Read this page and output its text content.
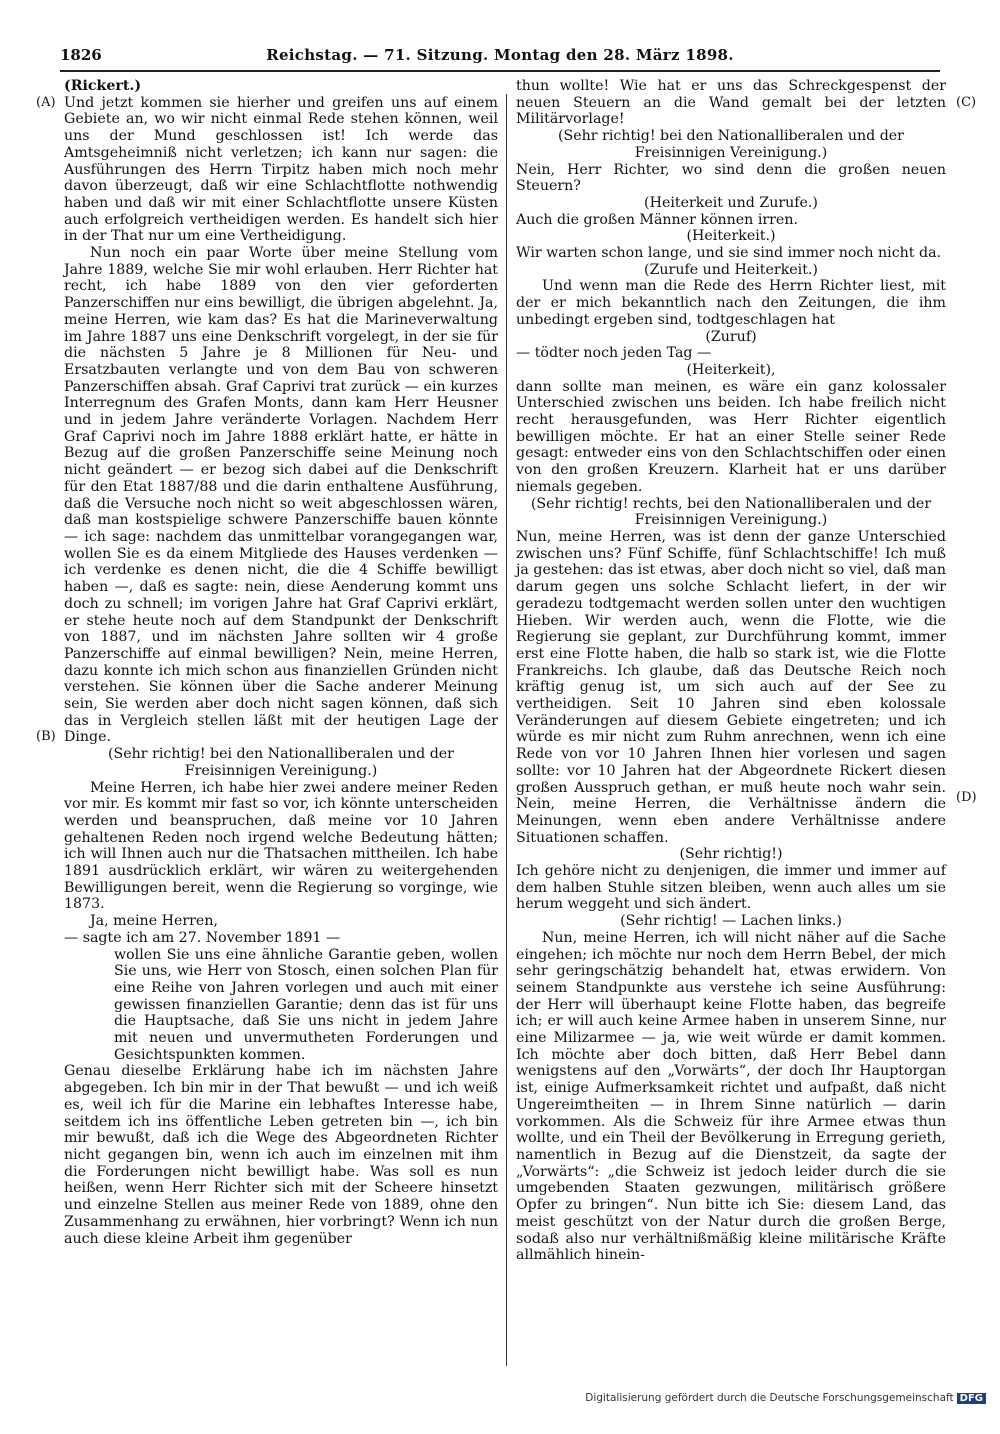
1826	Reichstag. — 71. Sitzung. Montag den 28. März 1898.
(A)
(B)
(C)
(D)

(Rickert.)

Und jetzt kommen sie hierher und greifen uns auf einem Gebiete an, wo wir nicht einmal Rede stehen können, weil uns der Mund geschlossen ist! Ich werde das Amtsgeheimniß nicht verletzen; ich kann nur sagen: die Ausführungen des Herrn Tirpitz haben mich noch mehr davon überzeugt, daß wir eine Schlachtflotte nothwendig haben und daß wir mit einer Schlachtflotte unsere Küsten auch erfolgreich vertheidigen werden. Es handelt sich hier in der That nur um eine Vertheidigung.

Nun noch ein paar Worte über meine Stellung vom Jahre 1889, welche Sie mir wohl erlauben. Herr Richter hat recht, ich habe 1889 von den vier geforderten Panzerschiffen nur eins bewilligt, die übrigen abgelehnt. Ja, meine Herren, wie kam das? Es hat die Marineverwaltung im Jahre 1887 uns eine Denkschrift vorgelegt, in der sie für die nächsten 5 Jahre je 8 Millionen für Neu- und Ersatzbauten verlangte und von dem Bau von schweren Panzerschiffen absah. Graf Caprivi trat zurück — ein kurzes Interregnum des Grafen Monts, dann kam Herr Heusner und in jedem Jahre veränderte Vorlagen. Nachdem Herr Graf Caprivi noch im Jahre 1888 erklärt hatte, er hätte in Bezug auf die großen Panzerschiffe seine Meinung noch nicht geändert — er bezog sich dabei auf die Denkschrift für den Etat 1887/88 und die darin enthaltene Ausführung, daß die Versuche noch nicht so weit abgeschlossen wären, daß man kostspielige schwere Panzerschiffe bauen könnte — ich sage: nachdem das unmittelbar vorangegangen war, wollen Sie es da einem Mitgliede des Hauses verdenken — ich verdenke es denen nicht, die die 4 Schiffe bewilligt haben —, daß es sagte: nein, diese Aenderung kommt uns doch zu schnell; im vorigen Jahre hat Graf Caprivi erklärt, er stehe heute noch auf dem Standpunkt der Denkschrift von 1887, und im nächsten Jahre sollten wir 4 große Panzerschiffe auf einmal bewilligen? Nein, meine Herren, dazu konnte ich mich schon aus finanziellen Gründen nicht verstehen. Sie können über die Sache anderer Meinung sein, Sie werden aber doch nicht sagen können, daß sich das in Vergleich stellen läßt mit der heutigen Lage der Dinge.

(Sehr richtig! bei den Nationalliberalen und der Freisinnigen Vereinigung.)

Meine Herren, ich habe hier zwei andere meiner Reden vor mir. Es kommt mir fast so vor, ich könnte unterscheiden werden und beanspruchen, daß meine vor 10 Jahren gehaltenen Reden noch irgend welche Bedeutung hätten; ich will Ihnen auch nur die Thatsachen mittheilen. Ich habe 1891 ausdrücklich erklärt, wir wären zu weitergehenden Bewilligungen bereit, wenn die Regierung so vorginge, wie 1873.

Ja, meine Herren,

— sagte ich am 27. November 1891 —

wollen Sie uns eine ähnliche Garantie geben, wollen Sie uns, wie Herr von Stosch, einen solchen Plan für eine Reihe von Jahren vorlegen und auch mit einer gewissen finanziellen Garantie; denn das ist für uns die Hauptsache, daß Sie uns nicht in jedem Jahre mit neuen und unvermutheten Forderungen und Gesichtspunkten kommen.

Genau dieselbe Erklärung habe ich im nächsten Jahre abgegeben. Ich bin mir in der That bewußt — und ich weiß es, weil ich für die Marine ein lebhaftes Interesse habe, seitdem ich ins öffentliche Leben getreten bin —, ich bin mir bewußt, daß ich die Wege des Abgeordneten Richter nicht gegangen bin, wenn ich auch im einzelnen mit ihm die Forderungen nicht bewilligt habe. Was soll es nun heißen, wenn Herr Richter sich mit der Scheere hinsetzt und einzelne Stellen aus meiner Rede von 1889, ohne den Zusammenhang zu erwähnen, hier vorbringt? Wenn ich nun auch diese kleine Arbeit ihm gegenüber

thun wollte! Wie hat er uns das Schreckgespenst der neuen Steuern an die Wand gemalt bei der letzten Militärvorlage!

(Sehr richtig! bei den Nationalliberalen und der Freisinnigen Vereinigung.)

Nein, Herr Richter, wo sind denn die großen neuen Steuern?

(Heiterkeit und Zurufe.)

Auch die großen Männer können irren.

(Heiterkeit.)

Wir warten schon lange, und sie sind immer noch nicht da.

(Zurufe und Heiterkeit.)

Und wenn man die Rede des Herrn Richter liest, mit der er mich bekanntlich nach den Zeitungen, die ihm unbedingt ergeben sind, todtgeschlagen hat

(Zuruf)

— tödter noch jeden Tag —

(Heiterkeit),

dann sollte man meinen, es wäre ein ganz kolossaler Unterschied zwischen uns beiden. Ich habe freilich nicht recht herausgefunden, was Herr Richter eigentlich bewilligen möchte. Er hat an einer Stelle seiner Rede gesagt: entweder eins von den Schlachtschiffen oder einen von den großen Kreuzern. Klarheit hat er uns darüber niemals gegeben.

(Sehr richtig! rechts, bei den Nationalliberalen und der Freisinnigen Vereinigung.)

Nun, meine Herren, was ist denn der ganze Unterschied zwischen uns? Fünf Schiffe, fünf Schlachtschiffe! Ich muß ja gestehen: das ist etwas, aber doch nicht so viel, daß man darum gegen uns solche Schlacht liefert, in der wir geradezu todtgemacht werden sollen unter den wuchtigen Hieben. Wir werden auch, wenn die Flotte, wie die Regierung sie geplant, zur Durchführung kommt, immer erst eine Flotte haben, die halb so stark ist, wie die Flotte Frankreichs. Ich glaube, daß das Deutsche Reich noch kräftig genug ist, um sich auch auf der See zu vertheidigen. Seit 10 Jahren sind eben kolossale Veränderungen auf diesem Gebiete eingetreten; und ich würde es mir nicht zum Ruhm anrechnen, wenn ich eine Rede von vor 10 Jahren Ihnen hier vorlesen und sagen sollte: vor 10 Jahren hat der Abgeordnete Rickert diesen großen Ausspruch gethan, er muß heute noch wahr sein. Nein, meine Herren, die Verhältnisse ändern die Meinungen, wenn eben andere Verhältnisse andere Situationen schaffen.

(Sehr richtig!)

Ich gehöre nicht zu denjenigen, die immer und immer auf dem halben Stuhle sitzen bleiben, wenn auch alles um sie herum weggeht und sich ändert.

(Sehr richtig! — Lachen links.)

Nun, meine Herren, ich will nicht näher auf die Sache eingehen; ich möchte nur noch dem Herrn Bebel, der mich sehr geringschätzig behandelt hat, etwas erwidern. Von seinem Standpunkte aus verstehe ich seine Ausführung: der Herr will überhaupt keine Flotte haben, das begreife ich; er will auch keine Armee haben in unserem Sinne, nur eine Milizarmee — ja, wie weit würde er damit kommen. Ich möchte aber doch bitten, daß Herr Bebel dann wenigstens auf den „Vorwärts“, der doch Ihr Hauptorgan ist, einige Aufmerksamkeit richtet und aufpaßt, daß nicht Ungereimtheiten — in Ihrem Sinne natürlich — darin vorkommen. Als die Schweiz für ihre Armee etwas thun wollte, und ein Theil der Bevölkerung in Erregung gerieth, namentlich in Bezug auf die Dienstzeit, da sagte der „Vorwärts“: „die Schweiz ist jedoch leider durch die sie umgebenden Staaten gezwungen, militärisch größere Opfer zu bringen“. Nun bitte ich Sie: diesem Land, das meist geschützt von der Natur durch die großen Berge, sodaß also nur verhältnißmäßig kleine militärische Kräfte allmählich hinein-

Digitalisierung gefördert durch die Deutsche Forschungsgemeinschaft DFG
